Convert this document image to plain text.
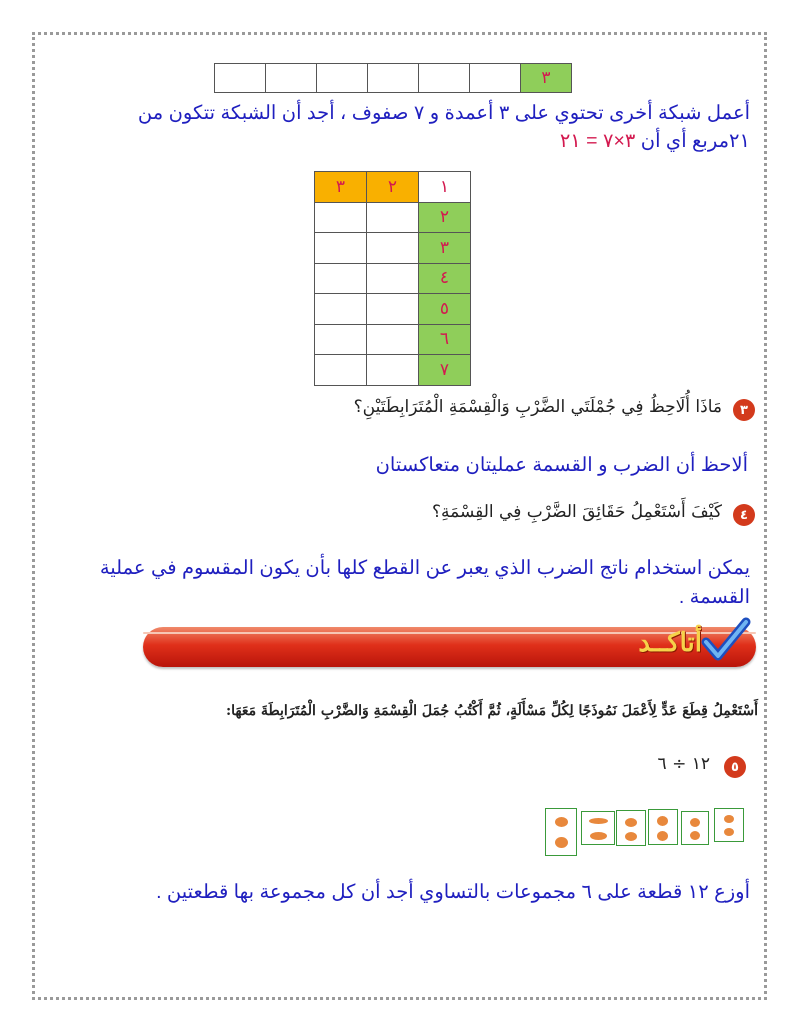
						٣
أعمل شبكة أخرى تحتوي على ٣ أعمدة و ٧ صفوف ، أجد أن الشبكة تتكون من
٢١مربع أي أن ٣×٧ = ٢١
٣	٢	١
		٢
		٣
		٤
		٥
		٦
		٧
٣
مَاذَا أُلَاحِظُ فِي جُمْلَتَي الضَّرْبِ وَالْقِسْمَةِ الْمُتَرَابِطَتَيْنِ؟
ألاحظ أن الضرب و القسمة عمليتان متعاكستان
٤
كَيْفَ أَسْتَعْمِلُ حَقَائِقَ الضَّرْبِ فِي القِسْمَةِ؟
يمكن استخدام ناتج الضرب الذي يعبر عن القطع كلها بأن يكون المقسوم في عملية
القسمة .
أتاكــد
أَسْتَعْمِلُ قِطَعَ عَدٍّ لِأَعْمَلَ نَمُوذَجًا لِكُلِّ مَسْأَلَةٍ، ثُمَّ أَكْتُبُ جُمَلَ الْقِسْمَةِ وَالضَّرْبِ الْمُتَرَابِطَةَ مَعَهَا:
٥
١٢ ÷ ٦
أوزع ١٢ قطعة على ٦ مجموعات بالتساوي أجد أن كل مجموعة بها قطعتين .
